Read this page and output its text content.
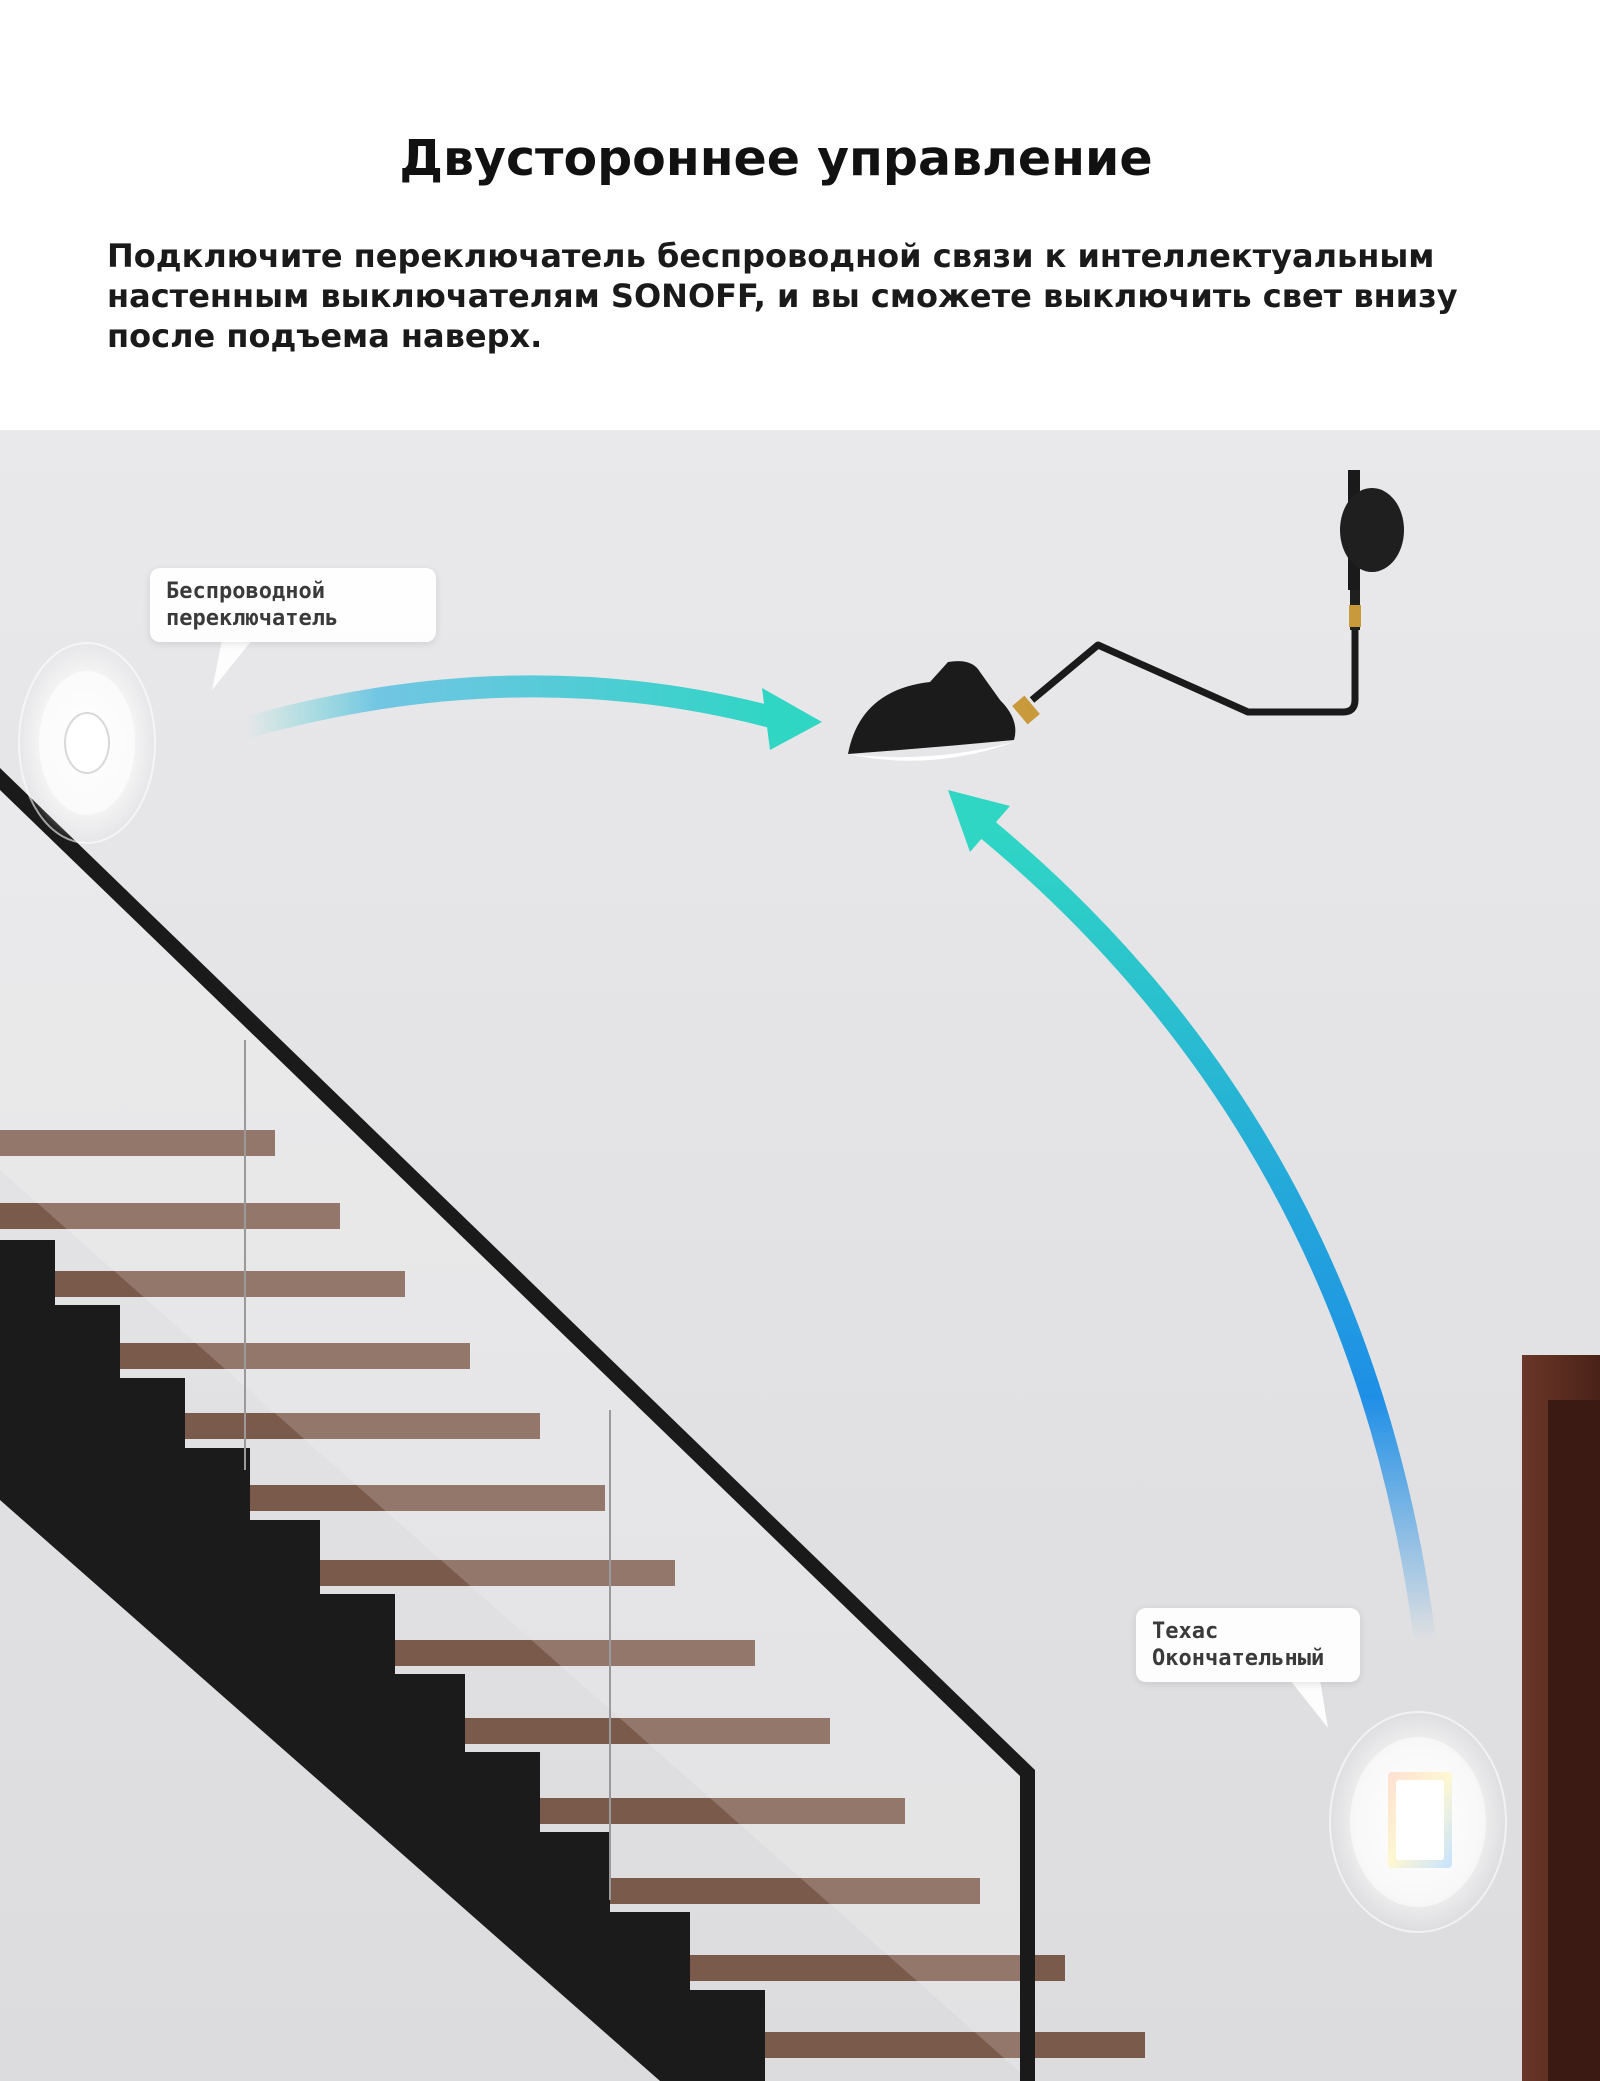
Двустороннее управление
Подключите переключатель беспроводной связи к интеллектуальным настенным выключателям SONOFF, и вы сможете выключить свет внизу после подъема наверх.
Беспроводной
переключатель
Техас
Окончательный
